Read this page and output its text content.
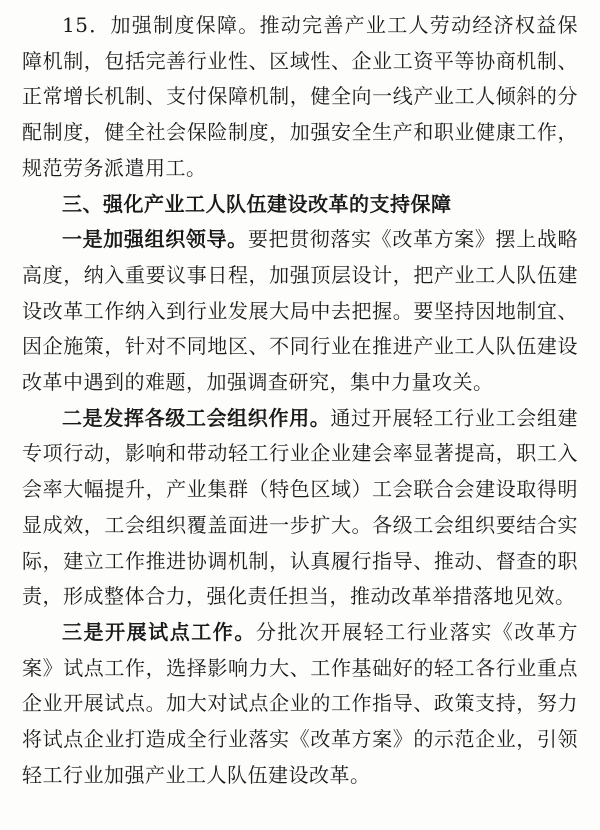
15．加强制度保障。推动完善产业工人劳动经济权益保障机制，包括完善行业性、区域性、企业工资平等协商机制、正常增长机制、支付保障机制，健全向一线产业工人倾斜的分配制度，健全社会保险制度，加强安全生产和职业健康工作，规范劳务派遣用工。

三、强化产业工人队伍建设改革的支持保障

一是加强组织领导。要把贯彻落实《改革方案》摆上战略高度，纳入重要议事日程，加强顶层设计，把产业工人队伍建设改革工作纳入到行业发展大局中去把握。要坚持因地制宜、因企施策，针对不同地区、不同行业在推进产业工人队伍建设改革中遇到的难题，加强调查研究，集中力量攻关。

二是发挥各级工会组织作用。通过开展轻工行业工会组建专项行动，影响和带动轻工行业企业建会率显著提高，职工入会率大幅提升，产业集群（特色区域）工会联合会建设取得明显成效，工会组织覆盖面进一步扩大。各级工会组织要结合实际，建立工作推进协调机制，认真履行指导、推动、督查的职责，形成整体合力，强化责任担当，推动改革举措落地见效。

三是开展试点工作。分批次开展轻工行业落实《改革方案》试点工作，选择影响力大、工作基础好的轻工各行业重点企业开展试点。加大对试点企业的工作指导、政策支持，努力将试点企业打造成全行业落实《改革方案》的示范企业，引领轻工行业加强产业工人队伍建设改革。
